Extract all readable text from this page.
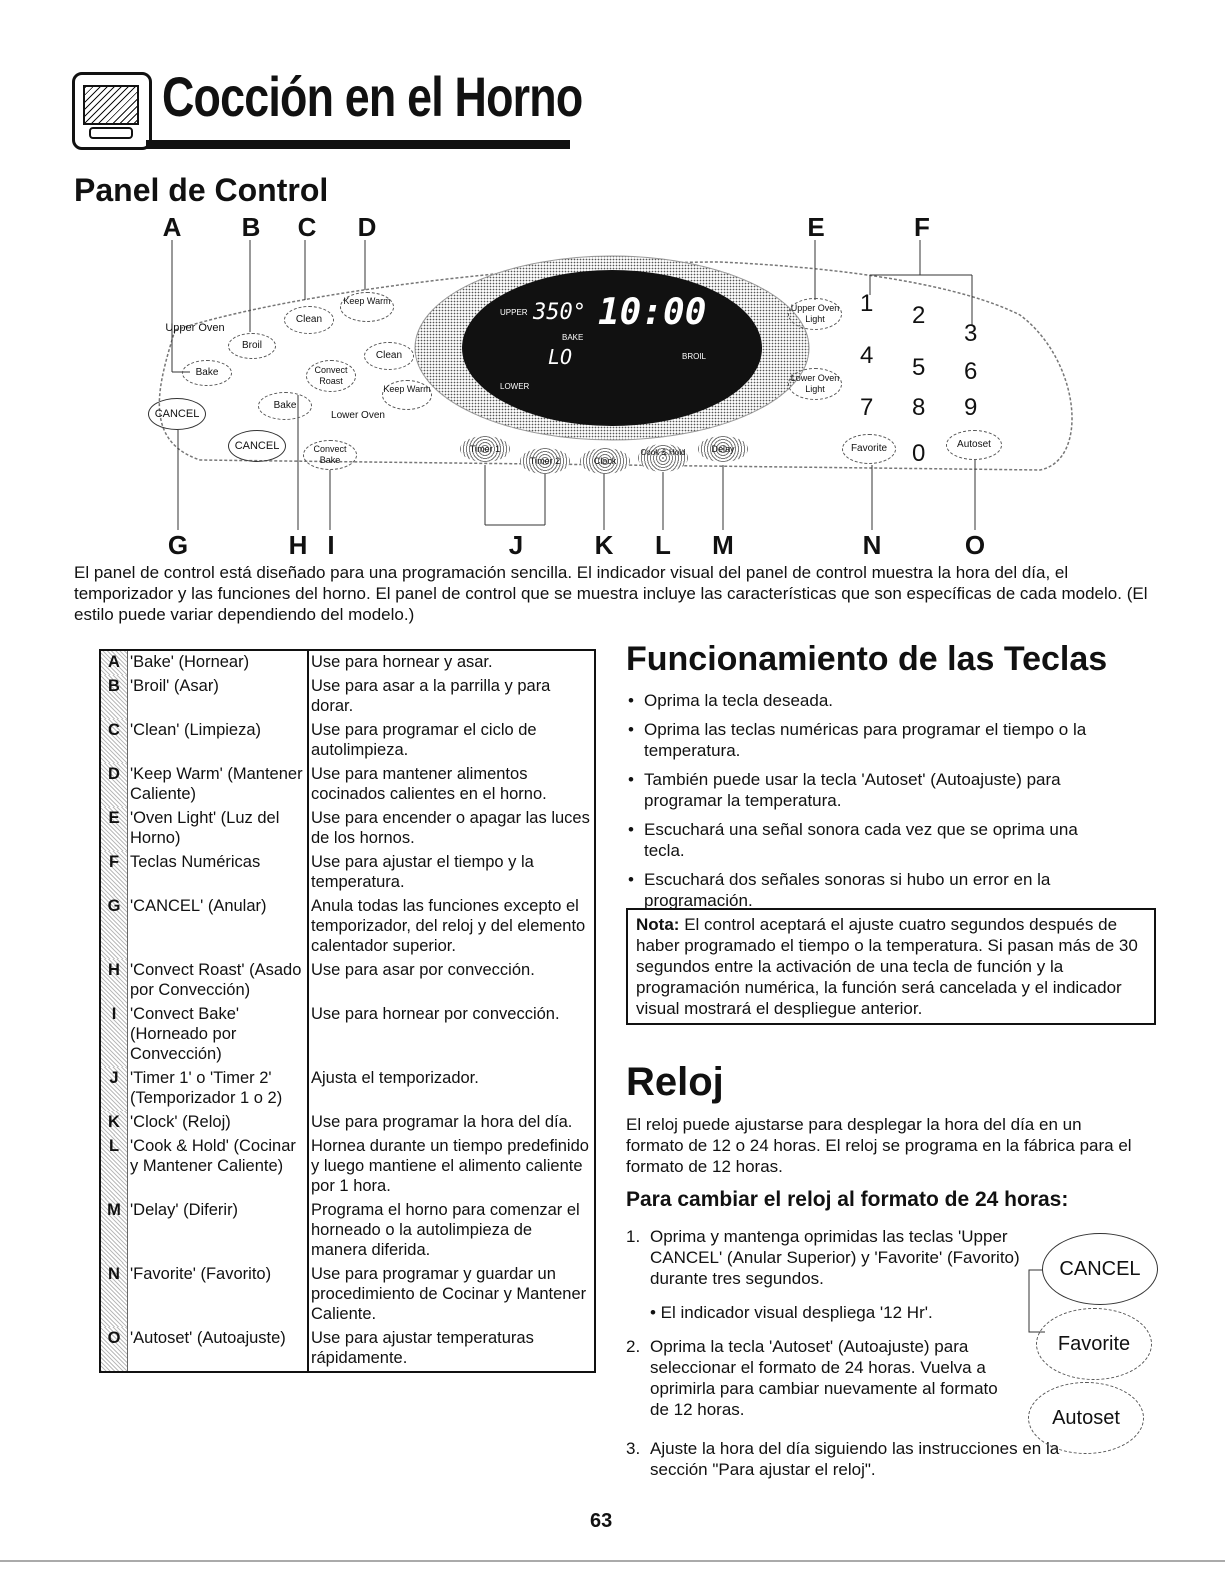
Cocción en el Horno
Panel de Control
A B C D	E	F
Upper Oven
Broil
Bake
CANCEL
Clean
Keep Warm
Clean
Convect Roast
Keep Warm
Bake
Lower Oven
CANCEL	Convect Bake
UPPER 350° 10:00
BAKE
LO	BROIL
LOWER
Timer 1
Timer 2	Clock
Cook & Hold	Delay
Upper Oven Light
Lower Oven Light
Favorite	Autoset
1 2
3
4 5 6
7 8 9
0
G	H I	J	K L M	N	O
El panel de control está diseñado para una programación sencilla. El indicador visual del panel de control muestra la hora del día, el temporizador y las funciones del horno. El panel de control que se muestra incluye las características que son específicas de cada modelo. (El estilo puede variar dependiendo del modelo.)
A	'Bake' (Hornear)	Use para hornear y asar.
B	'Broil' (Asar)	Use para asar a la parrilla y para dorar.
C	'Clean' (Limpieza)	Use para programar el ciclo de autolimpieza.
D	'Keep Warm' (Mantener Caliente)	Use para mantener alimentos cocinados calientes en el horno.
E	'Oven Light' (Luz del Horno)	Use para encender o apagar las luces de los hornos.
F	Teclas Numéricas	Use para ajustar el tiempo y la temperatura.
G	'CANCEL' (Anular)	Anula todas las funciones excepto el temporizador, del reloj y del elemento calentador superior.
H	'Convect Roast' (Asado por Convección)	Use para asar por convección.
I	'Convect Bake' (Horneado por Convección)	Use para hornear por convección.
J	'Timer 1' o 'Timer 2' (Temporizador 1 o 2)	Ajusta el temporizador.
K	'Clock' (Reloj)	Use para programar la hora del día.
L	'Cook & Hold' (Cocinar y Mantener Caliente)	Hornea durante un tiempo predefinido y luego mantiene el alimento caliente por 1 hora.
M	'Delay' (Diferir)	Programa el horno para comenzar el horneado o la autolimpieza de manera diferida.
N	'Favorite' (Favorito)	Use para programar y guardar un procedimiento de Cocinar y Mantener Caliente.
O	'Autoset' (Autoajuste)	Use para ajustar temperaturas rápidamente.
Funcionamiento de las Teclas
• Oprima la tecla deseada.
• Oprima las teclas numéricas para programar el tiempo o la temperatura.
• También puede usar la tecla 'Autoset' (Autoajuste) para programar la temperatura.
• Escuchará una señal sonora cada vez que se oprima una tecla.
• Escuchará dos señales sonoras si hubo un error en la programación.
Nota: El control aceptará el ajuste cuatro segundos después de haber programado el tiempo o la temperatura. Si pasan más de 30 segundos entre la activación de una tecla de función y la programación numérica, la función será cancelada y el indicador visual mostrará el despliegue anterior.
Reloj
El reloj puede ajustarse para desplegar la hora del día en un formato de 12 o 24 horas. El reloj se programa en la fábrica para el formato de 12 horas.
Para cambiar el reloj al formato de 24 horas:
1. Oprima y mantenga oprimidas las teclas 'Upper CANCEL' (Anular Superior) y 'Favorite' (Favorito) durante tres segundos.
• El indicador visual despliega '12 Hr'.
2. Oprima la tecla 'Autoset' (Autoajuste) para seleccionar el formato de 24 horas. Vuelva a oprimirla para cambiar nuevamente al formato de 12 horas.
3. Ajuste la hora del día siguiendo las instrucciones en la sección "Para ajustar el reloj".
CANCEL
Favorite
Autoset
63
